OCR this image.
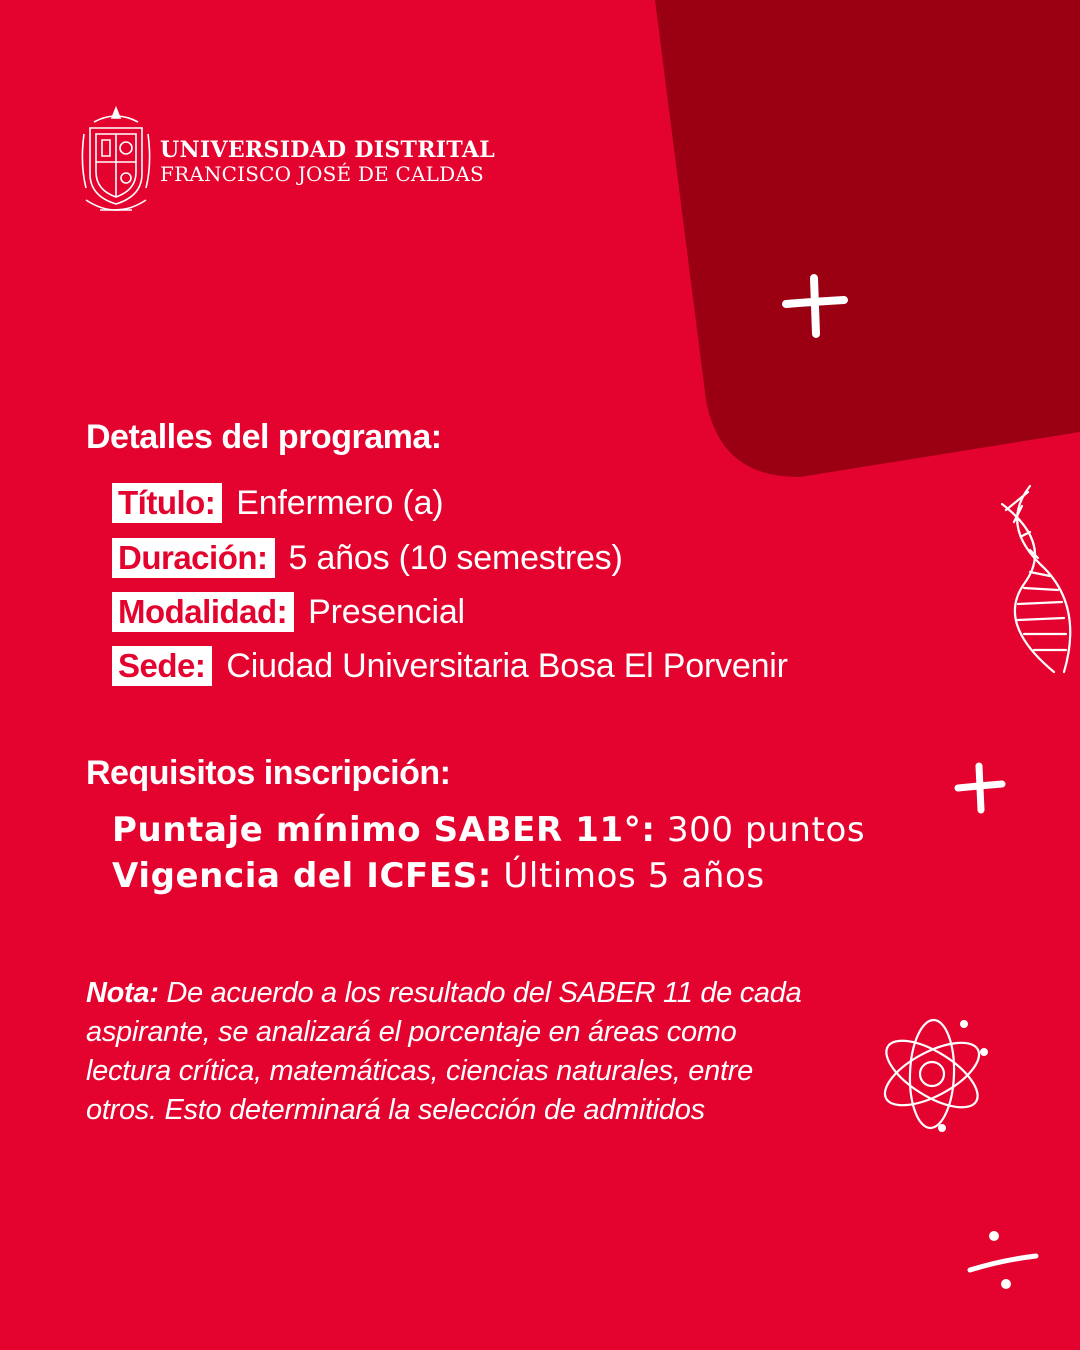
UNIVERSIDAD DISTRITAL
FRANCISCO JOSÉ DE CALDAS
Detalles del programa:
Título: Enfermero (a)
Duración: 5 años (10 semestres)
Modalidad: Presencial
Sede: Ciudad Universitaria Bosa El Porvenir
Requisitos inscripción:
Puntaje mínimo SABER 11°: 300 puntos
Vigencia del ICFES: Últimos 5 años
Nota: De acuerdo a los resultado del SABER 11 de cada aspirante, se analizará el porcentaje en áreas como lectura crítica, matemáticas, ciencias naturales, entre otros. Esto determinará la selección de admitidos
